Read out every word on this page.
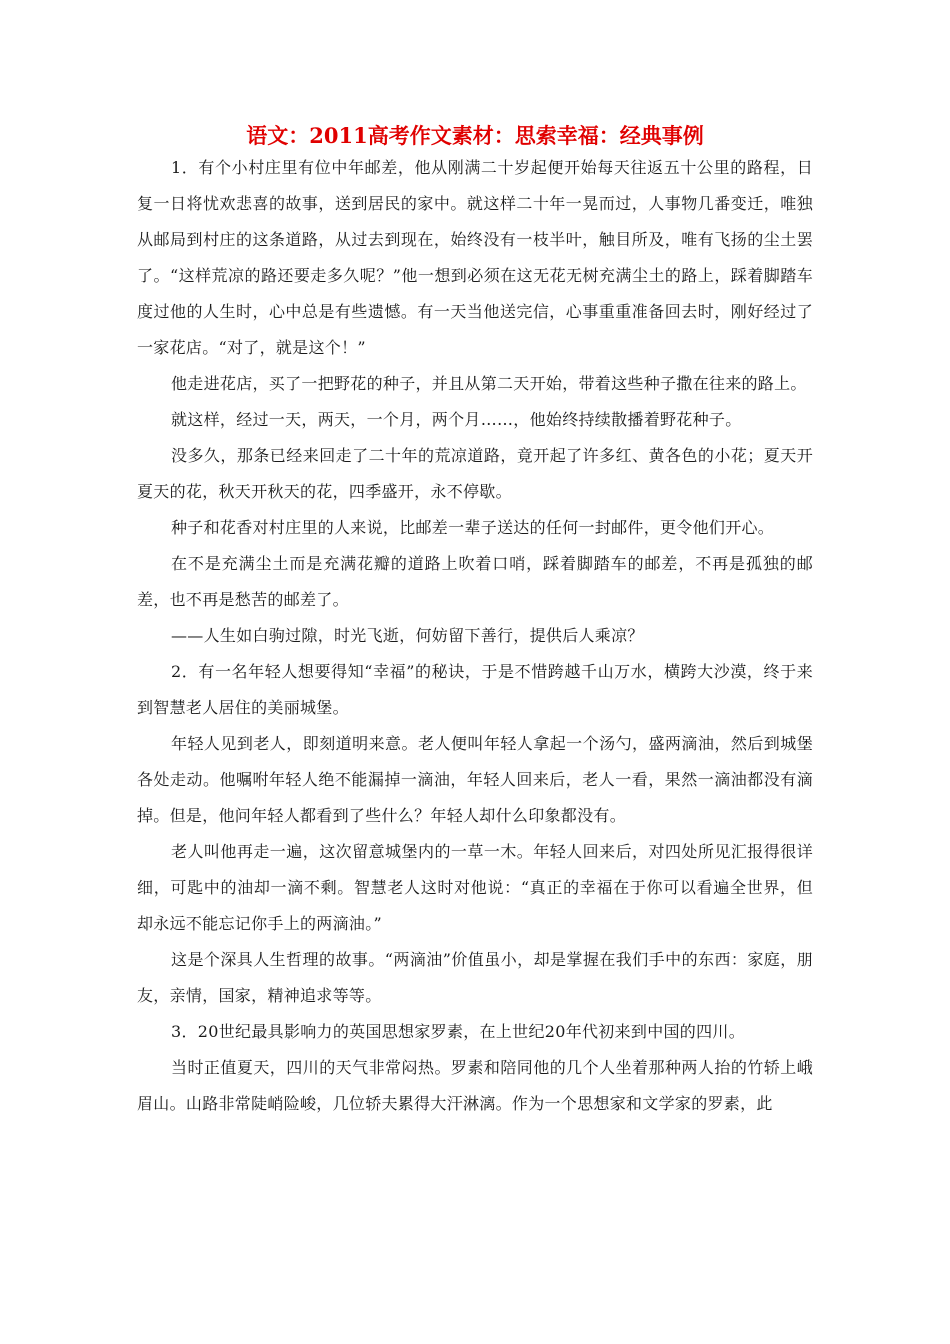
语文：2011高考作文素材：思索幸福：经典事例

1．有个小村庄里有位中年邮差，他从刚满二十岁起便开始每天往返五十公里的路程，日复一日将忧欢悲喜的故事，送到居民的家中。就这样二十年一晃而过，人事物几番变迁，唯独从邮局到村庄的这条道路，从过去到现在，始终没有一枝半叶，触目所及，唯有飞扬的尘土罢了。“这样荒凉的路还要走多久呢？”他一想到必须在这无花无树充满尘土的路上，踩着脚踏车度过他的人生时，心中总是有些遗憾。有一天当他送完信，心事重重准备回去时，刚好经过了一家花店。“对了，就是这个！”

他走进花店，买了一把野花的种子，并且从第二天开始，带着这些种子撒在往来的路上。

就这样，经过一天，两天，一个月，两个月……，他始终持续散播着野花种子。

没多久，那条已经来回走了二十年的荒凉道路，竟开起了许多红、黄各色的小花；夏天开夏天的花，秋天开秋天的花，四季盛开，永不停歇。

种子和花香对村庄里的人来说，比邮差一辈子送达的任何一封邮件，更令他们开心。

在不是充满尘土而是充满花瓣的道路上吹着口哨，踩着脚踏车的邮差，不再是孤独的邮差，也不再是愁苦的邮差了。

——人生如白驹过隙，时光飞逝，何妨留下善行，提供后人乘凉？

2．有一名年轻人想要得知“幸福”的秘诀，于是不惜跨越千山万水，横跨大沙漠，终于来到智慧老人居住的美丽城堡。

年轻人见到老人，即刻道明来意。老人便叫年轻人拿起一个汤勺，盛两滴油，然后到城堡各处走动。他嘱咐年轻人绝不能漏掉一滴油，年轻人回来后，老人一看，果然一滴油都没有滴掉。但是，他问年轻人都看到了些什么？年轻人却什么印象都没有。

老人叫他再走一遍，这次留意城堡内的一草一木。年轻人回来后，对四处所见汇报得很详细，可匙中的油却一滴不剩。智慧老人这时对他说：“真正的幸福在于你可以看遍全世界，但却永远不能忘记你手上的两滴油。”

这是个深具人生哲理的故事。“两滴油”价值虽小，却是掌握在我们手中的东西：家庭，朋友，亲情，国家，精神追求等等。

3．20世纪最具影响力的英国思想家罗素，在上世纪20年代初来到中国的四川。

当时正值夏天，四川的天气非常闷热。罗素和陪同他的几个人坐着那种两人抬的竹轿上峨眉山。山路非常陡峭险峻，几位轿夫累得大汗淋漓。作为一个思想家和文学家的罗素，此
